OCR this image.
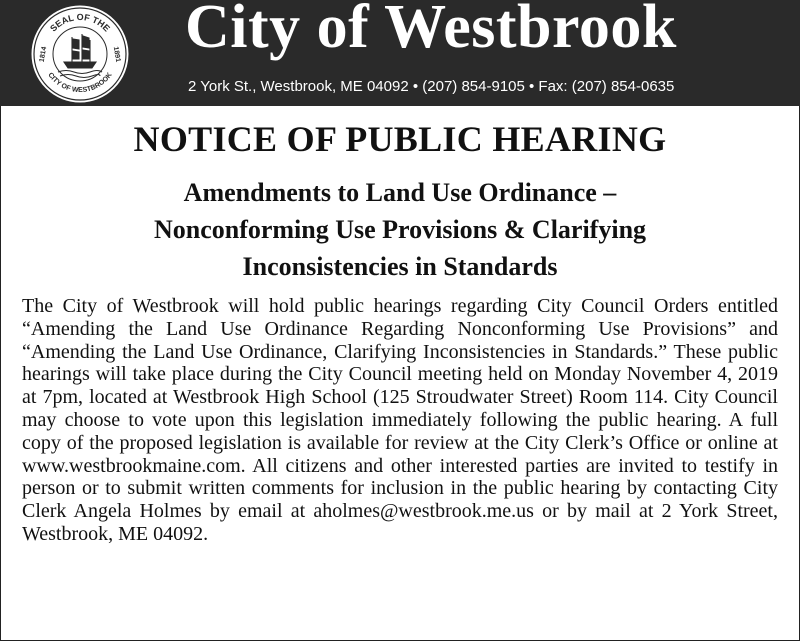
SEAL OF THE
CITY OF WESTBROOK
1814	1891 City of Westbrook
2 York St., Westbrook, ME 04092 • (207) 854-9105 • Fax: (207) 854-0635
NOTICE OF PUBLIC HEARING
Amendments to Land Use Ordinance –
Nonconforming Use Provisions & Clarifying
Inconsistencies in Standards
The City of Westbrook will hold public hearings regarding City Council Orders entitled “Amending the Land Use Ordinance Regarding Nonconforming Use Provisions” and “Amending the Land Use Ordinance, Clarifying Inconsistencies in Standards.” These public hearings will take place during the City Council meeting held on Monday November 4, 2019 at 7pm, located at Westbrook High School (125 Stroudwater Street) Room 114. City Council may choose to vote upon this legislation immediately following the public hearing. A full copy of the proposed legislation is available for review at the City Clerk’s Office or online at www.westbrookmaine.com. All citizens and other interested parties are invited to testify in person or to submit written comments for inclusion in the public hearing by contacting City Clerk Angela Holmes by email at aholmes@westbrook.me.us or by mail at 2 York Street, Westbrook, ME 04092.
